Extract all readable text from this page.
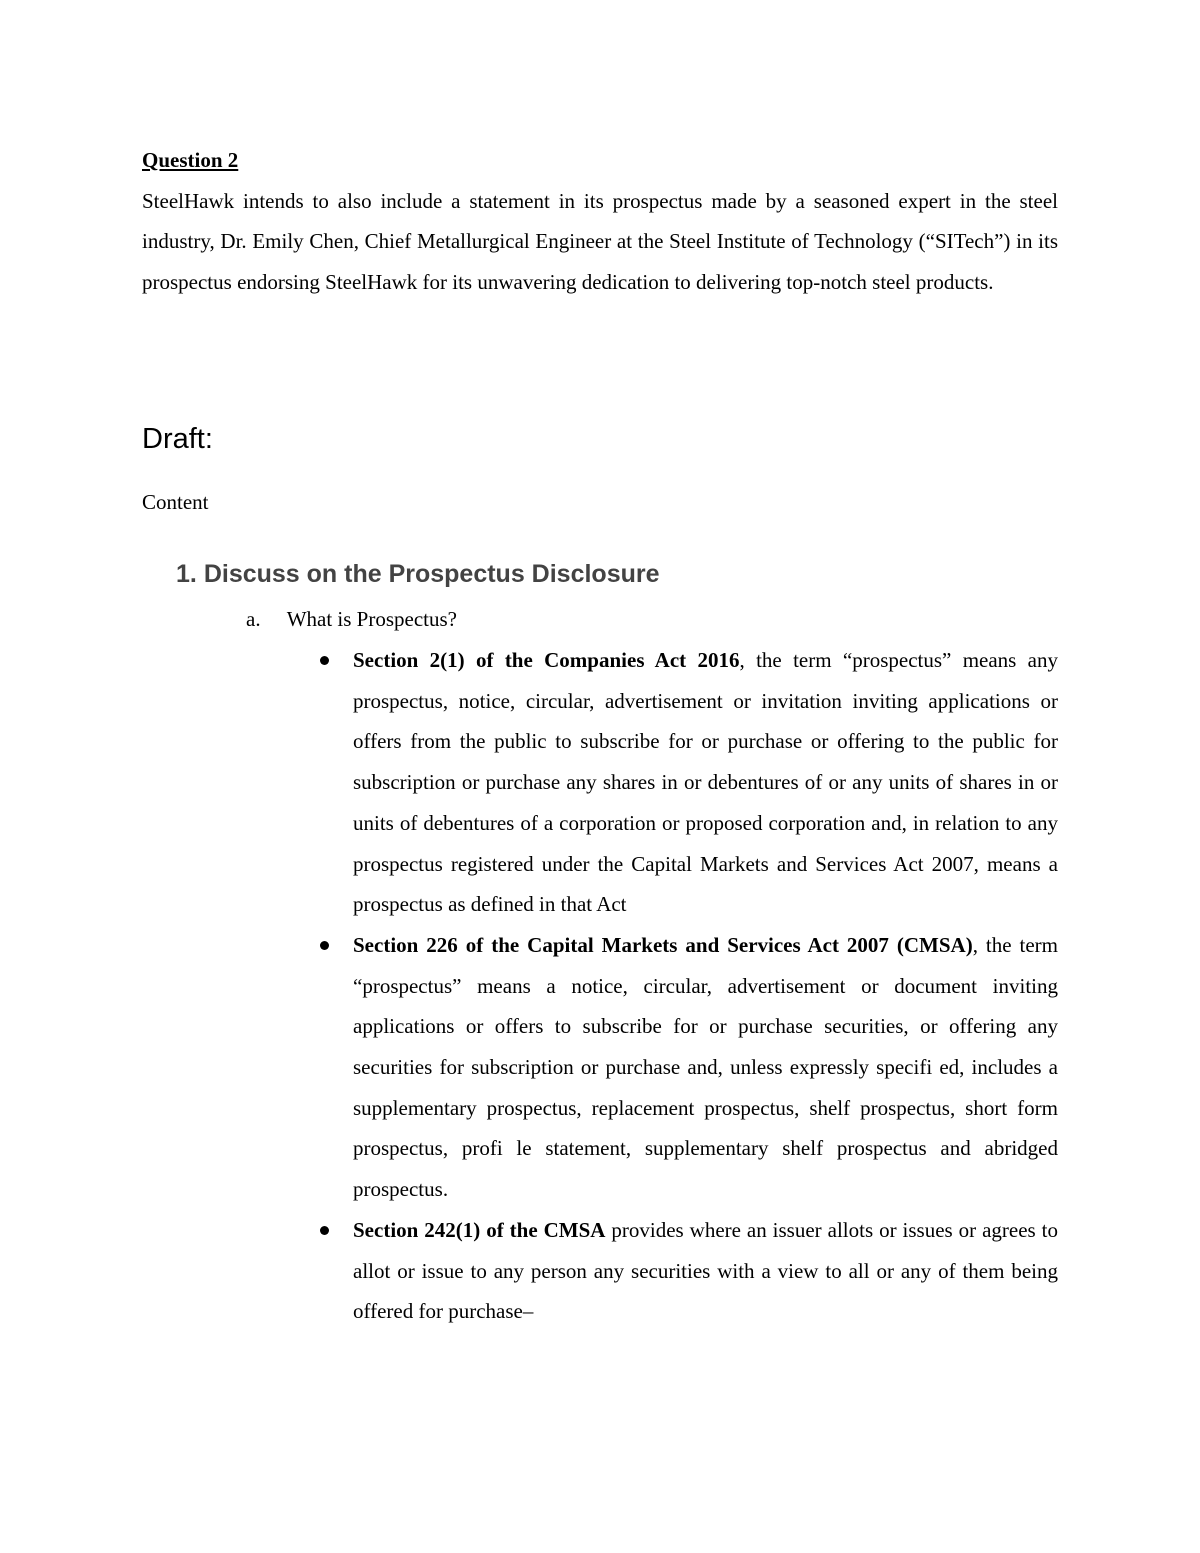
Question 2

SteelHawk intends to also include a statement in its prospectus made by a seasoned expert in the steel industry, Dr. Emily Chen, Chief Metallurgical Engineer at the Steel Institute of Technology (“SITech”) in its prospectus endorsing SteelHawk for its unwavering dedication to delivering top-notch steel products.

Draft:

Content

1. Discuss on the Prospectus Disclosure

a. What is Prospectus?

Section 2(1) of the Companies Act 2016, the term “prospectus” means any prospectus, notice, circular, advertisement or invitation inviting applications or offers from the public to subscribe for or purchase or offering to the public for subscription or purchase any shares in or debentures of or any units of shares in or units of debentures of a corporation or proposed corporation and, in relation to any prospectus registered under the Capital Markets and Services Act 2007, means a prospectus as defined in that Act
Section 226 of the Capital Markets and Services Act 2007 (CMSA), the term “prospectus” means a notice, circular, advertisement or document inviting applications or offers to subscribe for or purchase securities, or offering any securities for subscription or purchase and, unless expressly specifi ed, includes a supplementary prospectus, replacement prospectus, shelf prospectus, short form prospectus, profi le statement, supplementary shelf prospectus and abridged prospectus.
Section 242(1) of the CMSA provides where an issuer allots or issues or agrees to allot or issue to any person any securities with a view to all or any of them being offered for purchase–
